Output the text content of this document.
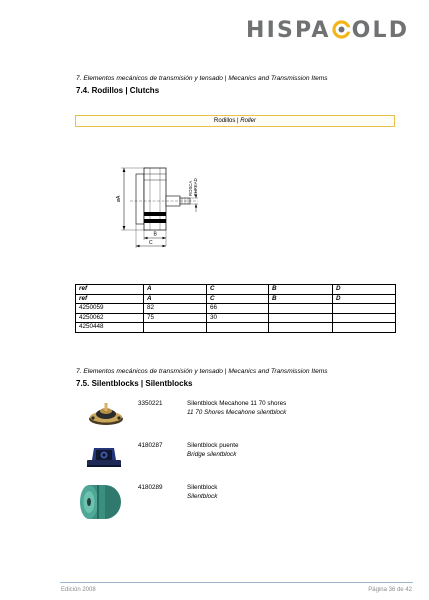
HISPA OLD
7. Elementos mecánicos de transmisión y tensado | Mecanics and Transmission Items
7.4. Rodillos | Clutchs
Rodillos | Roller
øA
ROSCA THREAD
B
C
ref	A	C	B	D
ref	A	C	B	D
4250059	82	66		
4250062	75	30		
4250448				
7. Elementos mecánicos de transmisión y tensado | Mecanics and Transmission Items
7.5. Silentblocks | Silentblocks
3350221	Silentblock Mecahone 11 70 shores
11 70 Shores Mecahone silentblock
4180287	Silentblock puente
Bridge silentblock
4180289	Silentblock
Silentblock
Edición 2008	Página 36 de 42
